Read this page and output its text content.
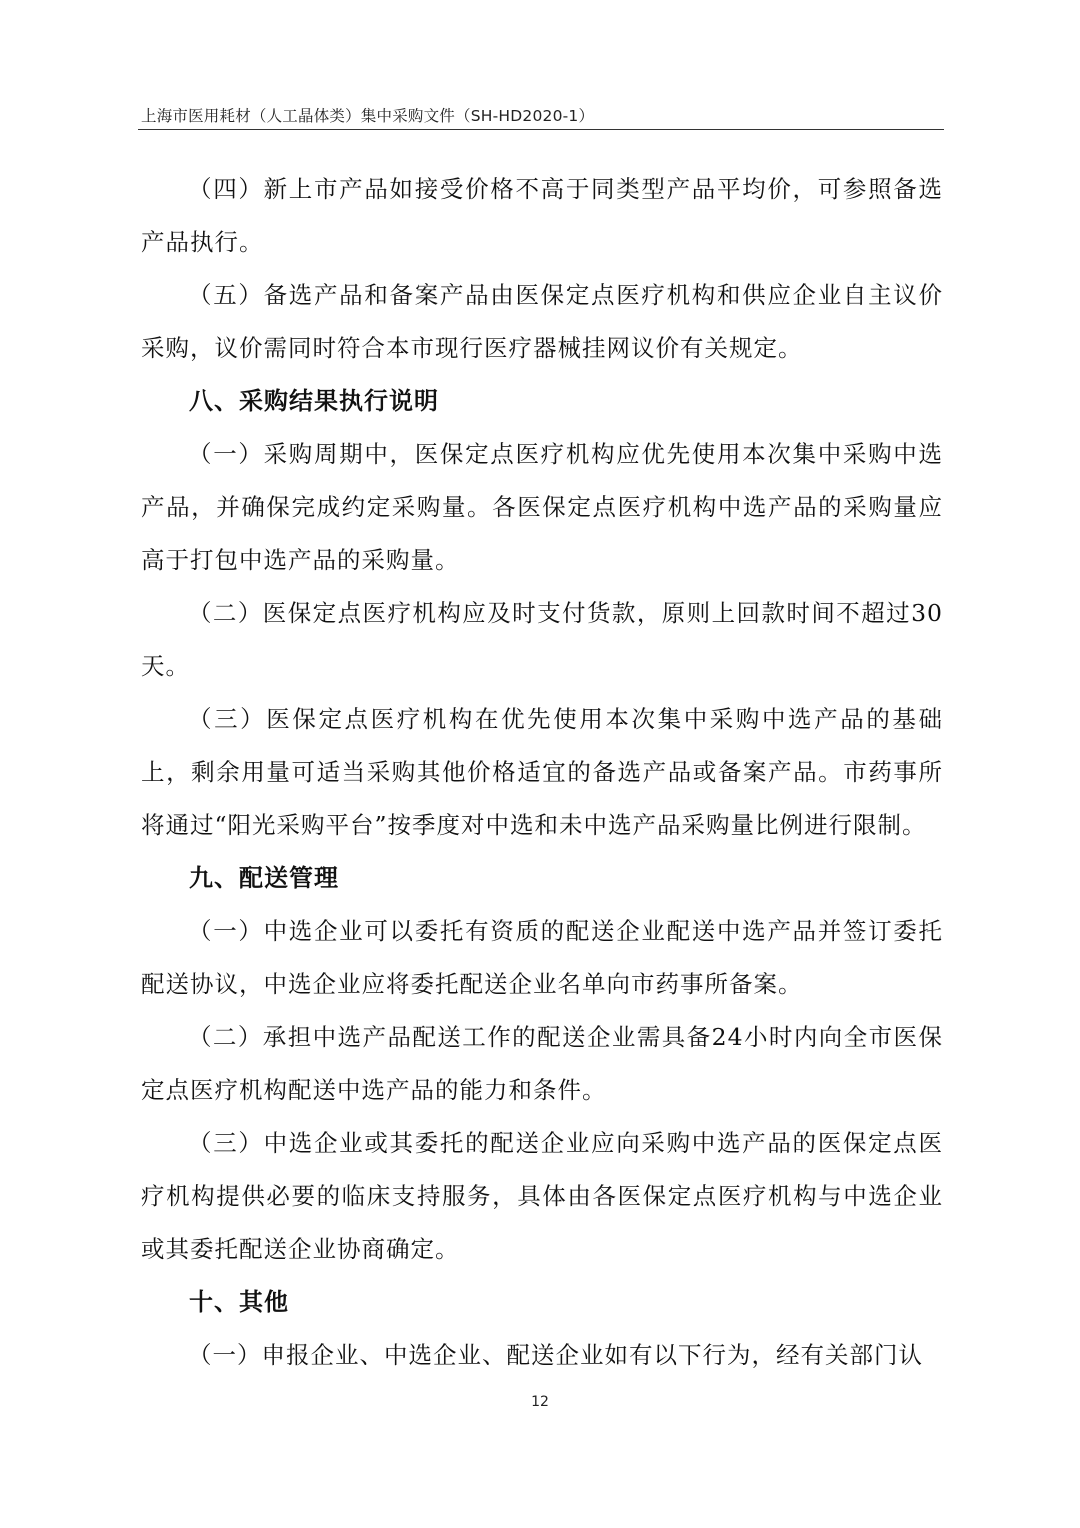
上海市医用耗材（人工晶体类）集中采购文件（SH-HD2020-1）

（四）新上市产品如接受价格不高于同类型产品平均价，可参照备选产品执行。

（五）备选产品和备案产品由医保定点医疗机构和供应企业自主议价采购，议价需同时符合本市现行医疗器械挂网议价有关规定。

八、采购结果执行说明

（一）采购周期中，医保定点医疗机构应优先使用本次集中采购中选产品，并确保完成约定采购量。各医保定点医疗机构中选产品的采购量应高于打包中选产品的采购量。

（二）医保定点医疗机构应及时支付货款，原则上回款时间不超过30天。

（三）医保定点医疗机构在优先使用本次集中采购中选产品的基础上，剩余用量可适当采购其他价格适宜的备选产品或备案产品。市药事所将通过“阳光采购平台”按季度对中选和未中选产品采购量比例进行限制。

九、配送管理

（一）中选企业可以委托有资质的配送企业配送中选产品并签订委托配送协议，中选企业应将委托配送企业名单向市药事所备案。

（二）承担中选产品配送工作的配送企业需具备24小时内向全市医保定点医疗机构配送中选产品的能力和条件。

（三）中选企业或其委托的配送企业应向采购中选产品的医保定点医疗机构提供必要的临床支持服务，具体由各医保定点医疗机构与中选企业或其委托配送企业协商确定。

十、其他

（一）申报企业、中选企业、配送企业如有以下行为，经有关部门认

12
